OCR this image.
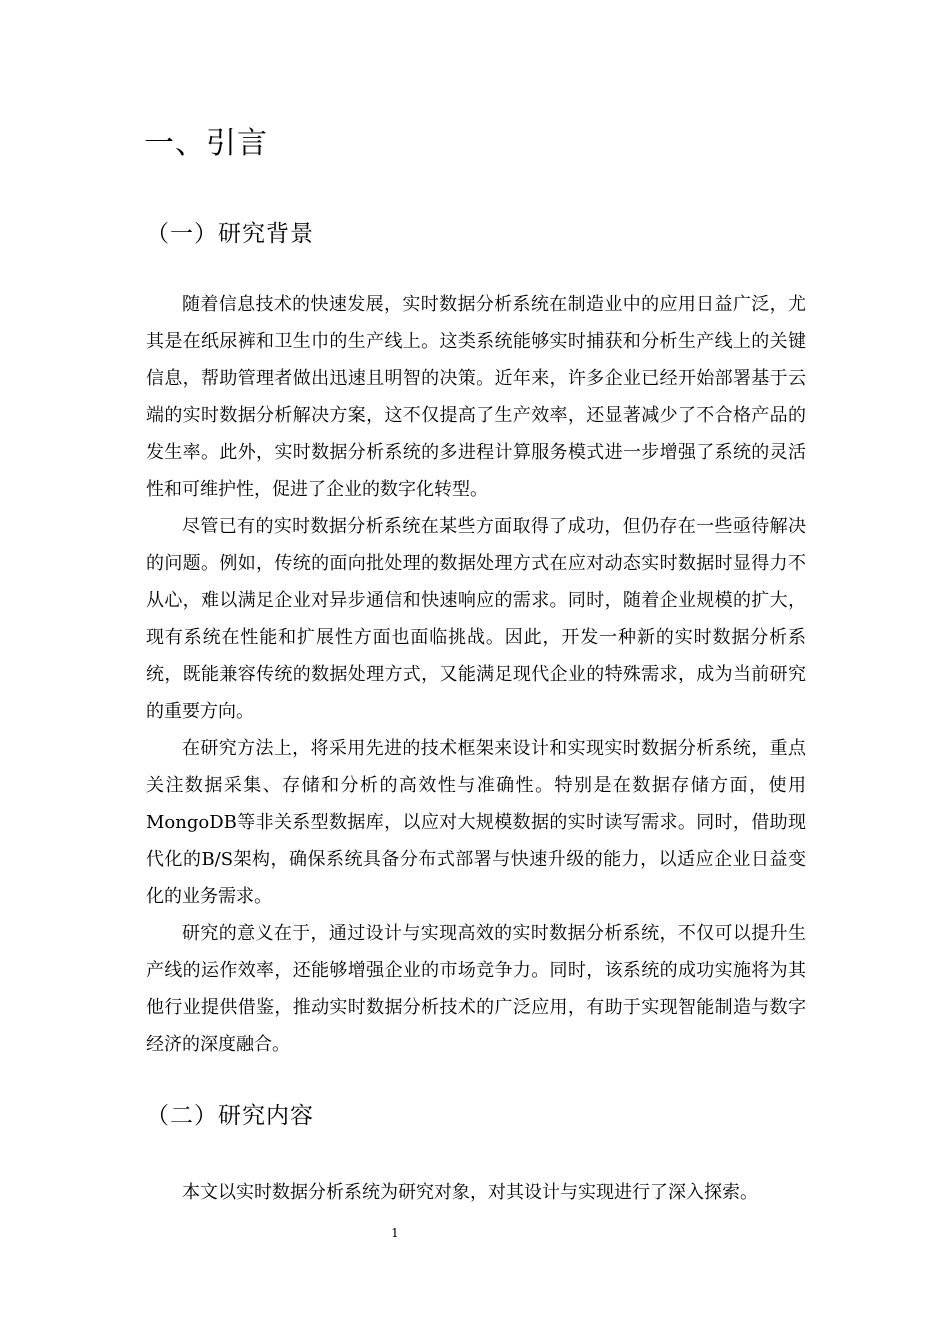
一、引言
（一）研究背景

随着信息技术的快速发展，实时数据分析系统在制造业中的应用日益广泛，尤其是在纸尿裤和卫生巾的生产线上。这类系统能够实时捕获和分析生产线上的关键信息，帮助管理者做出迅速且明智的决策。近年来，许多企业已经开始部署基于云端的实时数据分析解决方案，这不仅提高了生产效率，还显著减少了不合格产品的发生率。此外，实时数据分析系统的多进程计算服务模式进一步增强了系统的灵活性和可维护性，促进了企业的数字化转型。

尽管已有的实时数据分析系统在某些方面取得了成功，但仍存在一些亟待解决的问题。例如，传统的面向批处理的数据处理方式在应对动态实时数据时显得力不从心，难以满足企业对异步通信和快速响应的需求。同时，随着企业规模的扩大，现有系统在性能和扩展性方面也面临挑战。因此，开发一种新的实时数据分析系统，既能兼容传统的数据处理方式，又能满足现代企业的特殊需求，成为当前研究的重要方向。

在研究方法上，将采用先进的技术框架来设计和实现实时数据分析系统，重点关注数据采集、存储和分析的高效性与准确性。特别是在数据存储方面，使用MongoDB等非关系型数据库，以应对大规模数据的实时读写需求。同时，借助现代化的B/S架构，确保系统具备分布式部署与快速升级的能力，以适应企业日益变化的业务需求。

研究的意义在于，通过设计与实现高效的实时数据分析系统，不仅可以提升生产线的运作效率，还能够增强企业的市场竞争力。同时，该系统的成功实施将为其他行业提供借鉴，推动实时数据分析技术的广泛应用，有助于实现智能制造与数字经济的深度融合。

（二）研究内容

本文以实时数据分析系统为研究对象，对其设计与实现进行了深入探索。

1
